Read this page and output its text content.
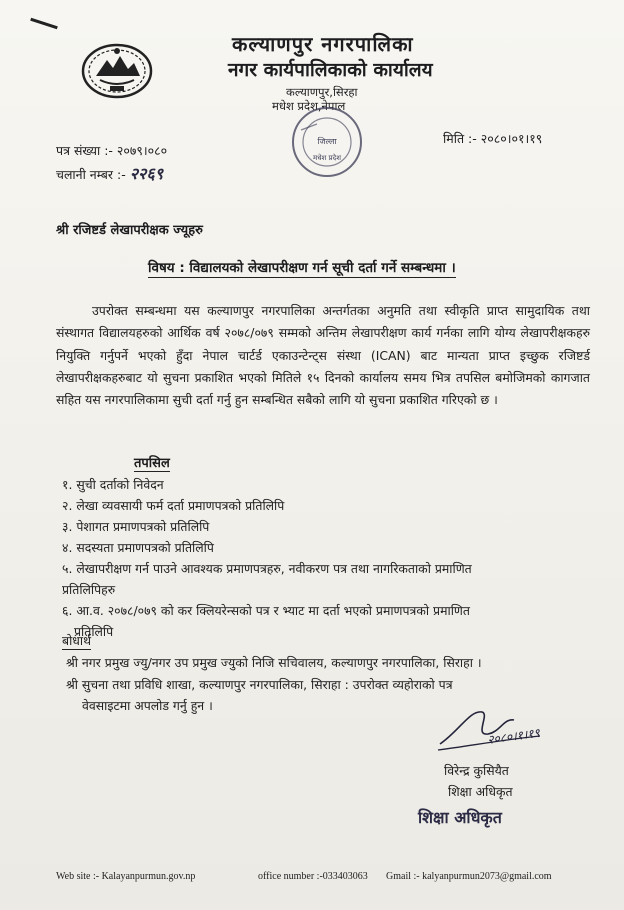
कल्याणपुर नगरपालिका
नगर कार्यपालिकाको कार्यालय
कल्याणपुर,सिरहा
मधेश प्रदेश,नेपाल
जिल्ला
मधेश प्रदेश
पत्र संख्या :- २०७९।०८०
चलानी नम्बर :- २२६९
मिति :- २०८०।०१।१९
श्री रजिष्टर्ड लेखापरीक्षक ज्यूहरु
विषय : विद्यालयको लेखापरीक्षण गर्न सूची दर्ता गर्ने सम्बन्धमा ।
उपरोक्त सम्बन्धमा यस कल्याणपुर नगरपालिका अन्तर्गतका अनुमति तथा स्वीकृति प्राप्त सामुदायिक तथा संस्थागत विद्यालयहरुको आर्थिक वर्ष २०७८/०७९ सम्मको अन्तिम लेखापरीक्षण कार्य गर्नका लागि योग्य लेखापरीक्षकहरु नियुक्ति गर्नुपर्ने भएको हुँदा नेपाल चार्टर्ड एकाउन्टेन्ट्स संस्था (ICAN) बाट मान्यता प्राप्त इच्छुक रजिष्टर्ड लेखापरीक्षकहरुबाट यो सुचना प्रकाशित भएको मितिले १५ दिनको कार्यालय समय भित्र तपसिल बमोजिमको कागजात सहित यस नगरपालिकामा सुची दर्ता गर्नु हुन सम्बन्धित सबैको लागि यो सुचना प्रकाशित गरिएको छ ।
तपसिल
१. सुची दर्ताको निवेदन
२. लेखा व्यवसायी फर्म दर्ता प्रमाणपत्रको प्रतिलिपि
३. पेशागत प्रमाणपत्रको प्रतिलिपि
४. सदस्यता प्रमाणपत्रको प्रतिलिपि
५. लेखापरीक्षण गर्न पाउने आवश्यक प्रमाणपत्रहरु, नवीकरण पत्र तथा नागरिकताको प्रमाणित
प्रतिलिपिहरु
६. आ.व. २०७८/०७९ को कर क्लियरेन्सको पत्र र भ्याट मा दर्ता भएको प्रमाणपत्रको प्रमाणित
प्रतिलिपि
बोधार्थ
श्री नगर प्रमुख ज्यु/नगर उप प्रमुख ज्युको निजि सचिवालय, कल्याणपुर नगरपालिका, सिराहा ।
श्री सुचना तथा प्रविधि शाखा, कल्याणपुर नगरपालिका, सिराहा : उपरोक्त व्यहोराको पत्र
वेवसाइटमा अपलोड गर्नु हुन ।
२०८०।१।१९
विरेन्द्र कुसियैत
शिक्षा अधिकृत
शिक्षा अधिकृत
Web site :- Kalayanpurmun.gov.np	office number :-033403063 Gmail :- kalyanpurmun2073@gmail.com
